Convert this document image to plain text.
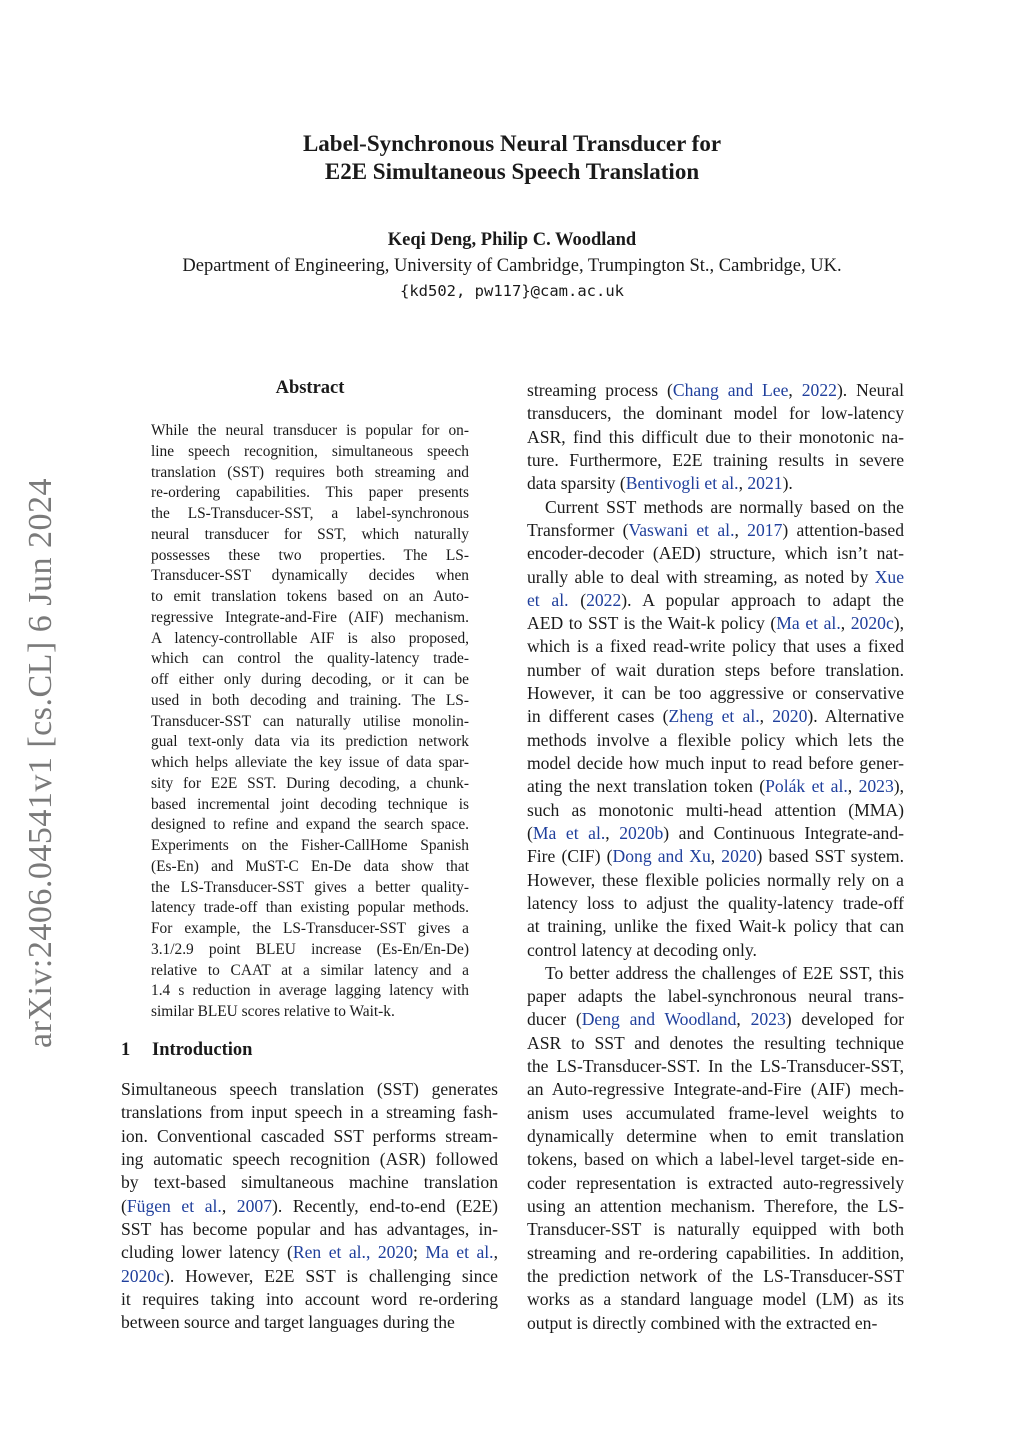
arXiv:2406.04541v1 [cs.CL] 6 Jun 2024
Label-Synchronous Neural Transducer for
E2E Simultaneous Speech Translation
Keqi Deng, Philip C. Woodland
Department of Engineering, University of Cambridge, Trumpington St., Cambridge, UK.
{kd502, pw117}@cam.ac.uk
Abstract
While the neural transducer is popular for on-
line speech recognition, simultaneous speech
translation (SST) requires both streaming and
re-ordering capabilities. This paper presents
the LS-Transducer-SST, a label-synchronous
neural transducer for SST, which naturally
possesses these two properties. The LS-
Transducer-SST dynamically decides when
to emit translation tokens based on an Auto-
regressive Integrate-and-Fire (AIF) mechanism.
A latency-controllable AIF is also proposed,
which can control the quality-latency trade-
off either only during decoding, or it can be
used in both decoding and training. The LS-
Transducer-SST can naturally utilise monolin-
gual text-only data via its prediction network
which helps alleviate the key issue of data spar-
sity for E2E SST. During decoding, a chunk-
based incremental joint decoding technique is
designed to refine and expand the search space.
Experiments on the Fisher-CallHome Spanish
(Es-En) and MuST-C En-De data show that
the LS-Transducer-SST gives a better quality-
latency trade-off than existing popular methods.
For example, the LS-Transducer-SST gives a
3.1/2.9 point BLEU increase (Es-En/En-De)
relative to CAAT at a similar latency and a
1.4 s reduction in average lagging latency with
similar BLEU scores relative to Wait-k.
1 Introduction
Simultaneous speech translation (SST) generates
translations from input speech in a streaming fash-
ion. Conventional cascaded SST performs stream-
ing automatic speech recognition (ASR) followed
by text-based simultaneous machine translation
(Fügen et al., 2007). Recently, end-to-end (E2E)
SST has become popular and has advantages, in-
cluding lower latency (Ren et al., 2020; Ma et al.,
2020c). However, E2E SST is challenging since
it requires taking into account word re-ordering
between source and target languages during the
streaming process (Chang and Lee, 2022). Neural
transducers, the dominant model for low-latency
ASR, find this difficult due to their monotonic na-
ture. Furthermore, E2E training results in severe
data sparsity (Bentivogli et al., 2021).
Current SST methods are normally based on the
Transformer (Vaswani et al., 2017) attention-based
encoder-decoder (AED) structure, which isn’t nat-
urally able to deal with streaming, as noted by Xue
et al. (2022). A popular approach to adapt the
AED to SST is the Wait-k policy (Ma et al., 2020c),
which is a fixed read-write policy that uses a fixed
number of wait duration steps before translation.
However, it can be too aggressive or conservative
in different cases (Zheng et al., 2020). Alternative
methods involve a flexible policy which lets the
model decide how much input to read before gener-
ating the next translation token (Polák et al., 2023),
such as monotonic multi-head attention (MMA)
(Ma et al., 2020b) and Continuous Integrate-and-
Fire (CIF) (Dong and Xu, 2020) based SST system.
However, these flexible policies normally rely on a
latency loss to adjust the quality-latency trade-off
at training, unlike the fixed Wait-k policy that can
control latency at decoding only.
To better address the challenges of E2E SST, this
paper adapts the label-synchronous neural trans-
ducer (Deng and Woodland, 2023) developed for
ASR to SST and denotes the resulting technique
the LS-Transducer-SST. In the LS-Transducer-SST,
an Auto-regressive Integrate-and-Fire (AIF) mech-
anism uses accumulated frame-level weights to
dynamically determine when to emit translation
tokens, based on which a label-level target-side en-
coder representation is extracted auto-regressively
using an attention mechanism. Therefore, the LS-
Transducer-SST is naturally equipped with both
streaming and re-ordering capabilities. In addition,
the prediction network of the LS-Transducer-SST
works as a standard language model (LM) as its
output is directly combined with the extracted en-
